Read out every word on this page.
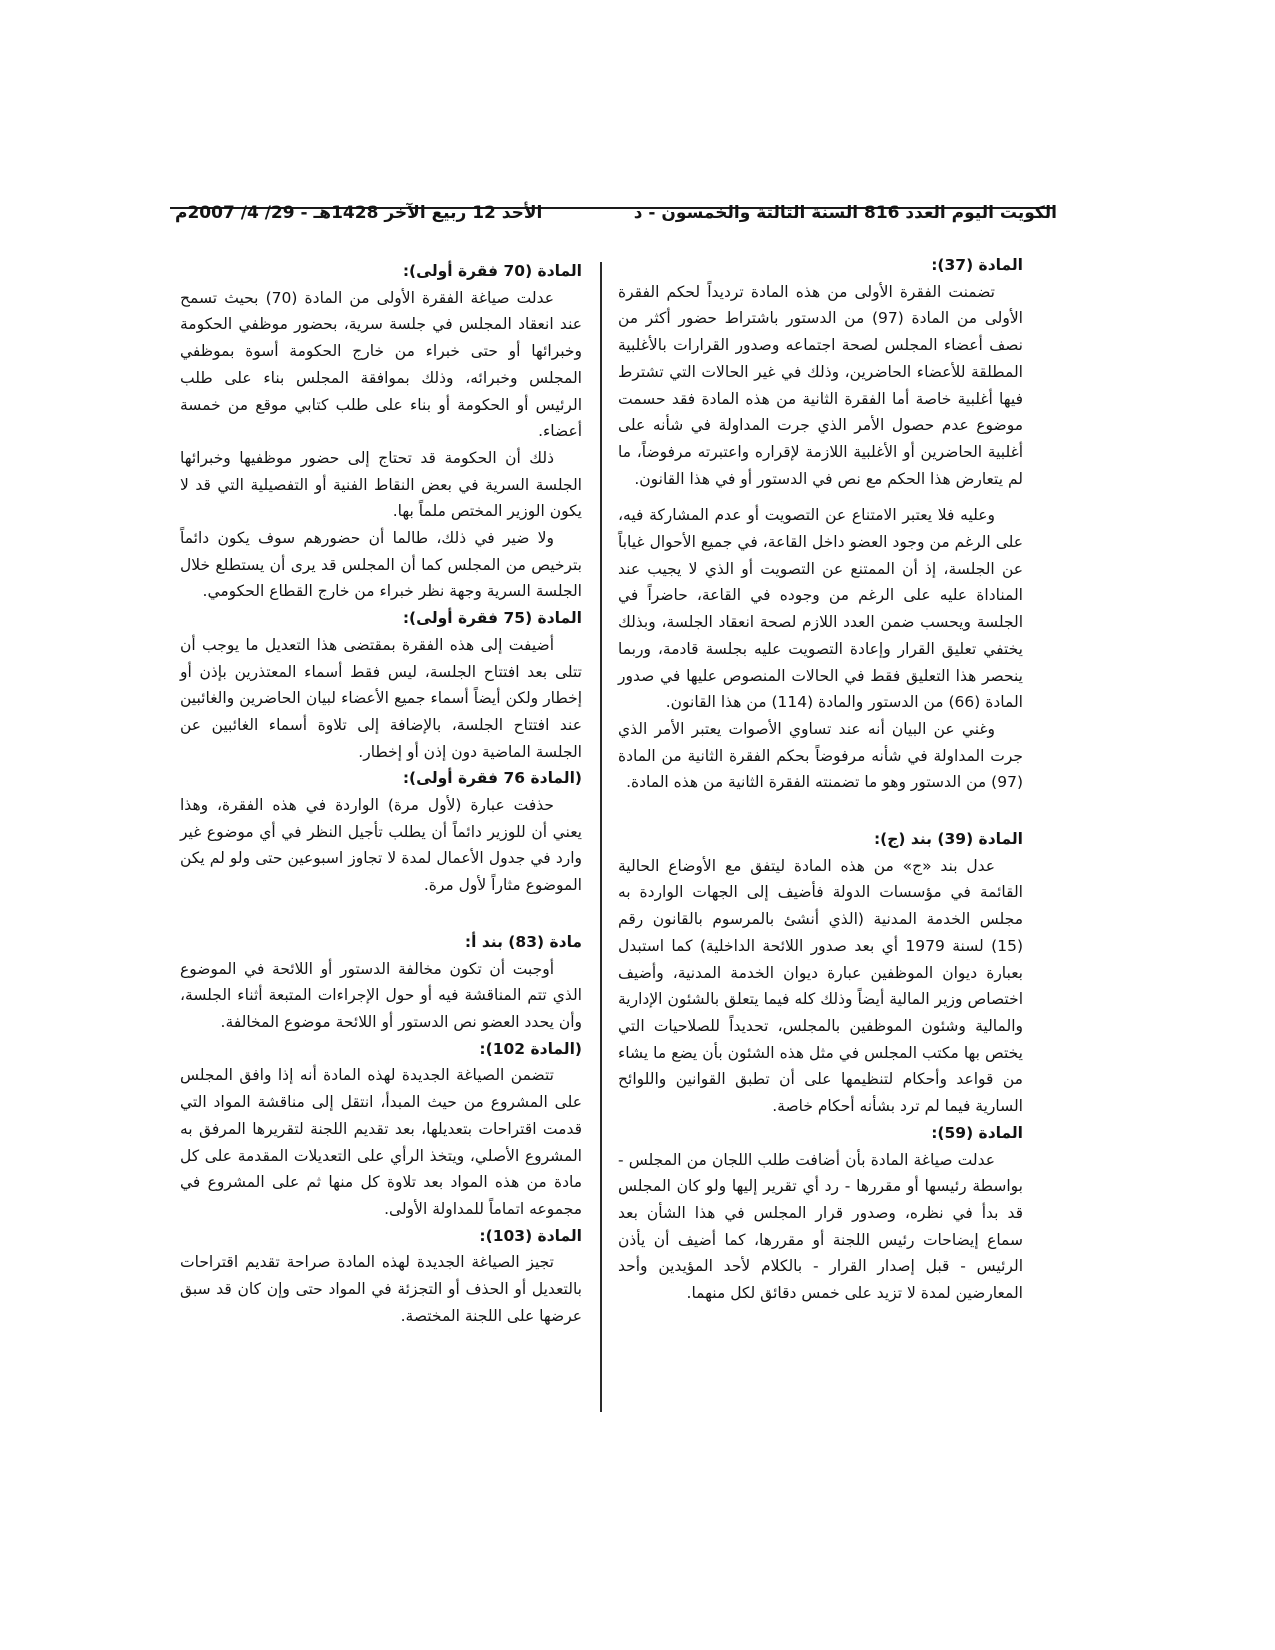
الكويت اليوم العدد 816 السنة الثالثة والخمسون - د
الأحد 12 ربيع الآخر 1428هـ - 29/ 4/ 2007م

المادة (37):

تضمنت الفقرة الأولى من هذه المادة ترديداً لحكم الفقرة الأولى من المادة (97) من الدستور باشتراط حضور أكثر من نصف أعضاء المجلس لصحة اجتماعه وصدور القرارات بالأغلبية المطلقة للأعضاء الحاضرين، وذلك في غير الحالات التي تشترط فيها أغلبية خاصة أما الفقرة الثانية من هذه المادة فقد حسمت موضوع عدم حصول الأمر الذي جرت المداولة في شأنه على أغلبية الحاضرين أو الأغلبية اللازمة لإقراره واعتبرته مرفوضاً، ما لم يتعارض هذا الحكم مع نص في الدستور أو في هذا القانون.

وعليه فلا يعتبر الامتناع عن التصويت أو عدم المشاركة فيه، على الرغم من وجود العضو داخل القاعة، في جميع الأحوال غياباً عن الجلسة، إذ أن الممتنع عن التصويت أو الذي لا يجيب عند المناداة عليه على الرغم من وجوده في القاعة، حاضراً في الجلسة ويحسب ضمن العدد اللازم لصحة انعقاد الجلسة، وبذلك يختفي تعليق القرار وإعادة التصويت عليه بجلسة قادمة، وربما ينحصر هذا التعليق فقط في الحالات المنصوص عليها في صدور المادة (66) من الدستور والمادة (114) من هذا القانون.

وغني عن البيان أنه عند تساوي الأصوات يعتبر الأمر الذي جرت المداولة في شأنه مرفوضاً بحكم الفقرة الثانية من المادة (97) من الدستور وهو ما تضمنته الفقرة الثانية من هذه المادة.

المادة (39) بند (ج):

عدل بند «ج» من هذه المادة ليتفق مع الأوضاع الحالية القائمة في مؤسسات الدولة فأضيف إلى الجهات الواردة به مجلس الخدمة المدنية (الذي أنشئ بالمرسوم بالقانون رقم (15) لسنة 1979 أي بعد صدور اللائحة الداخلية) كما استبدل بعبارة ديوان الموظفين عبارة ديوان الخدمة المدنية، وأضيف اختصاص وزير المالية أيضاً وذلك كله فيما يتعلق بالشئون الإدارية والمالية وشئون الموظفين بالمجلس، تحديداً للصلاحيات التي يختص بها مكتب المجلس في مثل هذه الشئون بأن يضع ما يشاء من قواعد وأحكام لتنظيمها على أن تطبق القوانين واللوائح السارية فيما لم ترد بشأنه أحكام خاصة.

المادة (59):

عدلت صياغة المادة بأن أضافت طلب اللجان من المجلس - بواسطة رئيسها أو مقررها - رد أي تقرير إليها ولو كان المجلس قد بدأ في نظره، وصدور قرار المجلس في هذا الشأن بعد سماع إيضاحات رئيس اللجنة أو مقررها، كما أضيف أن يأذن الرئيس - قبل إصدار القرار - بالكلام لأحد المؤيدين وأحد المعارضين لمدة لا تزيد على خمس دقائق لكل منهما.

المادة (70 فقرة أولى):

عدلت صياغة الفقرة الأولى من المادة (70) بحيث تسمح عند انعقاد المجلس في جلسة سرية، بحضور موظفي الحكومة وخبرائها أو حتى خبراء من خارج الحكومة أسوة بموظفي المجلس وخبرائه، وذلك بموافقة المجلس بناء على طلب الرئيس أو الحكومة أو بناء على طلب كتابي موقع من خمسة أعضاء.

ذلك أن الحكومة قد تحتاج إلى حضور موظفيها وخبرائها الجلسة السرية في بعض النقاط الفنية أو التفصيلية التي قد لا يكون الوزير المختص ملماً بها.

ولا ضير في ذلك، طالما أن حضورهم سوف يكون دائماً بترخيص من المجلس كما أن المجلس قد يرى أن يستطلع خلال الجلسة السرية وجهة نظر خبراء من خارج القطاع الحكومي.

المادة (75 فقرة أولى):

أضيفت إلى هذه الفقرة بمقتضى هذا التعديل ما يوجب أن تتلى بعد افتتاح الجلسة، ليس فقط أسماء المعتذرين بإذن أو إخطار ولكن أيضاً أسماء جميع الأعضاء لبيان الحاضرين والغائبين عند افتتاح الجلسة، بالإضافة إلى تلاوة أسماء الغائبين عن الجلسة الماضية دون إذن أو إخطار.

(المادة 76 فقرة أولى):

حذفت عبارة (لأول مرة) الواردة في هذه الفقرة، وهذا يعني أن للوزير دائماً أن يطلب تأجيل النظر في أي موضوع غير وارد في جدول الأعمال لمدة لا تجاوز اسبوعين حتى ولو لم يكن الموضوع مثاراً لأول مرة.

مادة (83) بند أ:

أوجبت أن تكون مخالفة الدستور أو اللائحة في الموضوع الذي تتم المناقشة فيه أو حول الإجراءات المتبعة أثناء الجلسة، وأن يحدد العضو نص الدستور أو اللائحة موضوع المخالفة.

(المادة 102):

تتضمن الصياغة الجديدة لهذه المادة أنه إذا وافق المجلس على المشروع من حيث المبدأ، انتقل إلى مناقشة المواد التي قدمت اقتراحات بتعديلها، بعد تقديم اللجنة لتقريرها المرفق به المشروع الأصلي، ويتخذ الرأي على التعديلات المقدمة على كل مادة من هذه المواد بعد تلاوة كل منها ثم على المشروع في مجموعه اتماماً للمداولة الأولى.

المادة (103):

تجيز الصياغة الجديدة لهذه المادة صراحة تقديم اقتراحات بالتعديل أو الحذف أو التجزئة في المواد حتى وإن كان قد سبق عرضها على اللجنة المختصة.
